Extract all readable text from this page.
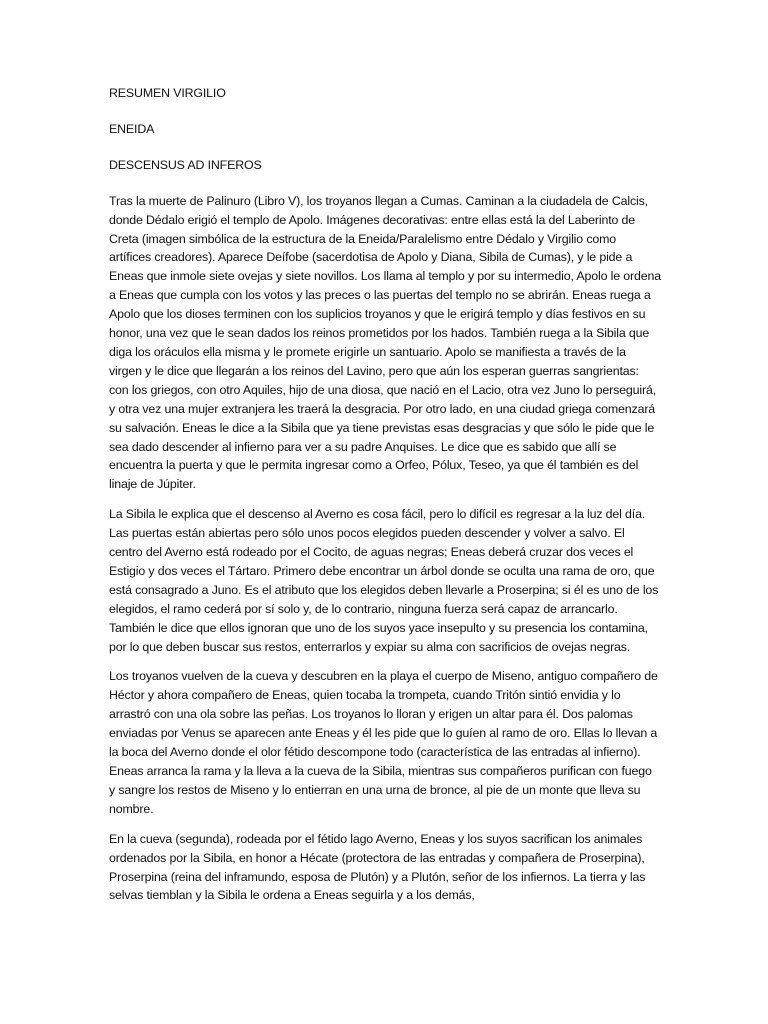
RESUMEN VIRGILIO

ENEIDA

DESCENSUS AD INFEROS

Tras la muerte de Palinuro (Libro V), los troyanos llegan a Cumas. Caminan a la ciudadela de Calcis, donde Dédalo erigió el templo de Apolo. Imágenes decorativas: entre ellas está la del Laberinto de Creta (imagen simbólica de la estructura de la Eneida/Paralelismo entre Dédalo y Virgilio como artífices creadores). Aparece Deífobe (sacerdotisa de Apolo y Diana, Sibila de Cumas), y le pide a Eneas que inmole siete ovejas y siete novillos. Los llama al templo y por su intermedio, Apolo le ordena a Eneas que cumpla con los votos y las preces o las puertas del templo no se abrirán. Eneas ruega a Apolo que los dioses terminen con los suplicios troyanos y que le erigirá templo y días festivos en su honor, una vez que le sean dados los reinos prometidos por los hados. También ruega a la Sibila que diga los oráculos ella misma y le promete erigirle un santuario. Apolo se manifiesta a través de la virgen y le dice que llegarán a los reinos del Lavino, pero que aún los esperan guerras sangrientas: con los griegos, con otro Aquiles, hijo de una diosa, que nació en el Lacio, otra vez Juno lo perseguirá, y otra vez una mujer extranjera les traerá la desgracia. Por otro lado, en una ciudad griega comenzará su salvación. Eneas le dice a la Sibila que ya tiene previstas esas desgracias y que sólo le pide que le sea dado descender al infierno para ver a su padre Anquises. Le dice que es sabido que allí se encuentra la puerta y que le permita ingresar como a Orfeo, Pólux, Teseo, ya que él también es del linaje de Júpiter.

La Sibila le explica que el descenso al Averno es cosa fácil, pero lo difícil es regresar a la luz del día. Las puertas están abiertas pero sólo unos pocos elegidos pueden descender y volver a salvo. El centro del Averno está rodeado por el Cocito, de aguas negras; Eneas deberá cruzar dos veces el Estigio y dos veces el Tártaro. Primero debe encontrar un árbol donde se oculta una rama de oro, que está consagrado a Juno. Es el atributo que los elegidos deben llevarle a Proserpina; si él es uno de los elegidos, el ramo cederá por sí solo y, de lo contrario, ninguna fuerza será capaz de arrancarlo. También le dice que ellos ignoran que uno de los suyos yace insepulto y su presencia los contamina, por lo que deben buscar sus restos, enterrarlos y expiar su alma con sacrificios de ovejas negras.

Los troyanos vuelven de la cueva y descubren en la playa el cuerpo de Miseno, antiguo compañero de Héctor y ahora compañero de Eneas, quien tocaba la trompeta, cuando Tritón sintió envidia y lo arrastró con una ola sobre las peñas. Los troyanos lo lloran y erigen un altar para él. Dos palomas enviadas por Venus se aparecen ante Eneas y él les pide que lo guíen al ramo de oro. Ellas lo llevan a la boca del Averno donde el olor fétido descompone todo (característica de las entradas al infierno). Eneas arranca la rama y la lleva a la cueva de la Sibila, mientras sus compañeros purifican con fuego y sangre los restos de Miseno y lo entierran en una urna de bronce, al pie de un monte que lleva su nombre.

En la cueva (segunda), rodeada por el fétido lago Averno, Eneas y los suyos sacrifican los animales ordenados por la Sibila, en honor a Hécate (protectora de las entradas y compañera de Proserpina), Proserpina (reina del inframundo, esposa de Plutón) y a Plutón, señor de los infiernos. La tierra y las selvas tiemblan y la Sibila le ordena a Eneas seguirla y a los demás,
